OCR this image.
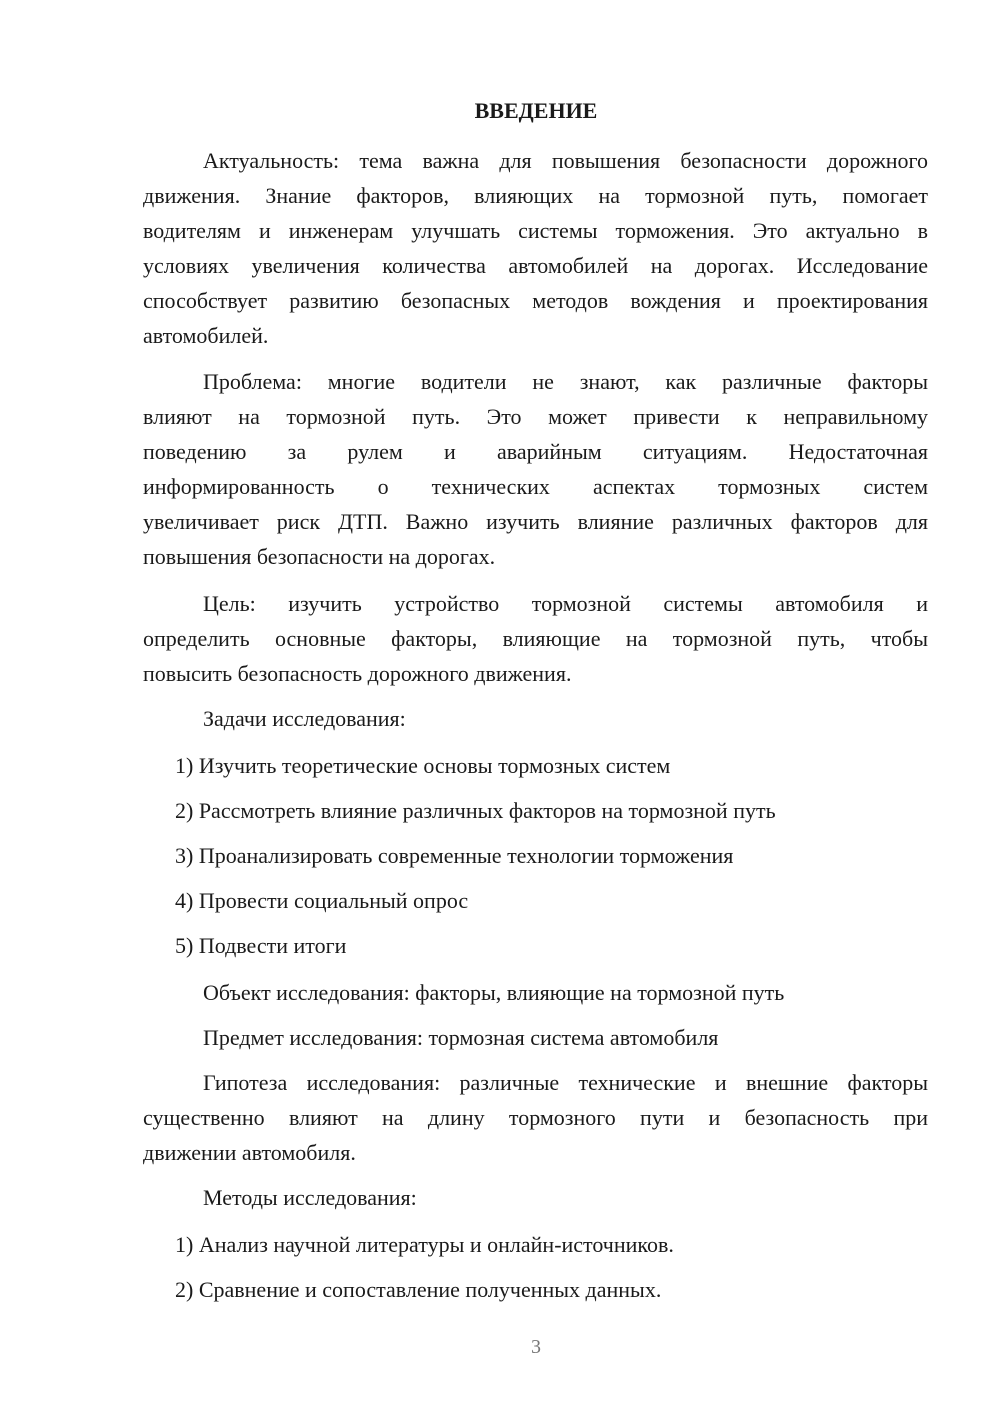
ВВЕДЕНИЕ
Актуальность: тема важна для повышения безопасности дорожного
движения. Знание факторов, влияющих на тормозной путь, помогает
водителям и инженерам улучшать системы торможения. Это актуально в
условиях увеличения количества автомобилей на дорогах. Исследование
способствует развитию безопасных методов вождения и проектирования
автомобилей.
Проблема: многие водители не знают, как различные факторы
влияют на тормозной путь. Это может привести к неправильному
поведению за рулем и аварийным ситуациям. Недостаточная
информированность о технических аспектах тормозных систем
увеличивает риск ДТП. Важно изучить влияние различных факторов для
повышения безопасности на дорогах.
Цель: изучить устройство тормозной системы автомобиля и
определить основные факторы, влияющие на тормозной путь, чтобы
повысить безопасность дорожного движения.
Задачи исследования:
1) Изучить теоретические основы тормозных систем
2) Рассмотреть влияние различных факторов на тормозной путь
3) Проанализировать современные технологии торможения
4) Провести социальный опрос
5) Подвести итоги
Объект исследования: факторы, влияющие на тормозной путь
Предмет исследования: тормозная система автомобиля
Гипотеза исследования: различные технические и внешние факторы
существенно влияют на длину тормозного пути и безопасность при
движении автомобиля.
Методы исследования:
1) Анализ научной литературы и онлайн-источников.
2) Сравнение и сопоставление полученных данных.
3
